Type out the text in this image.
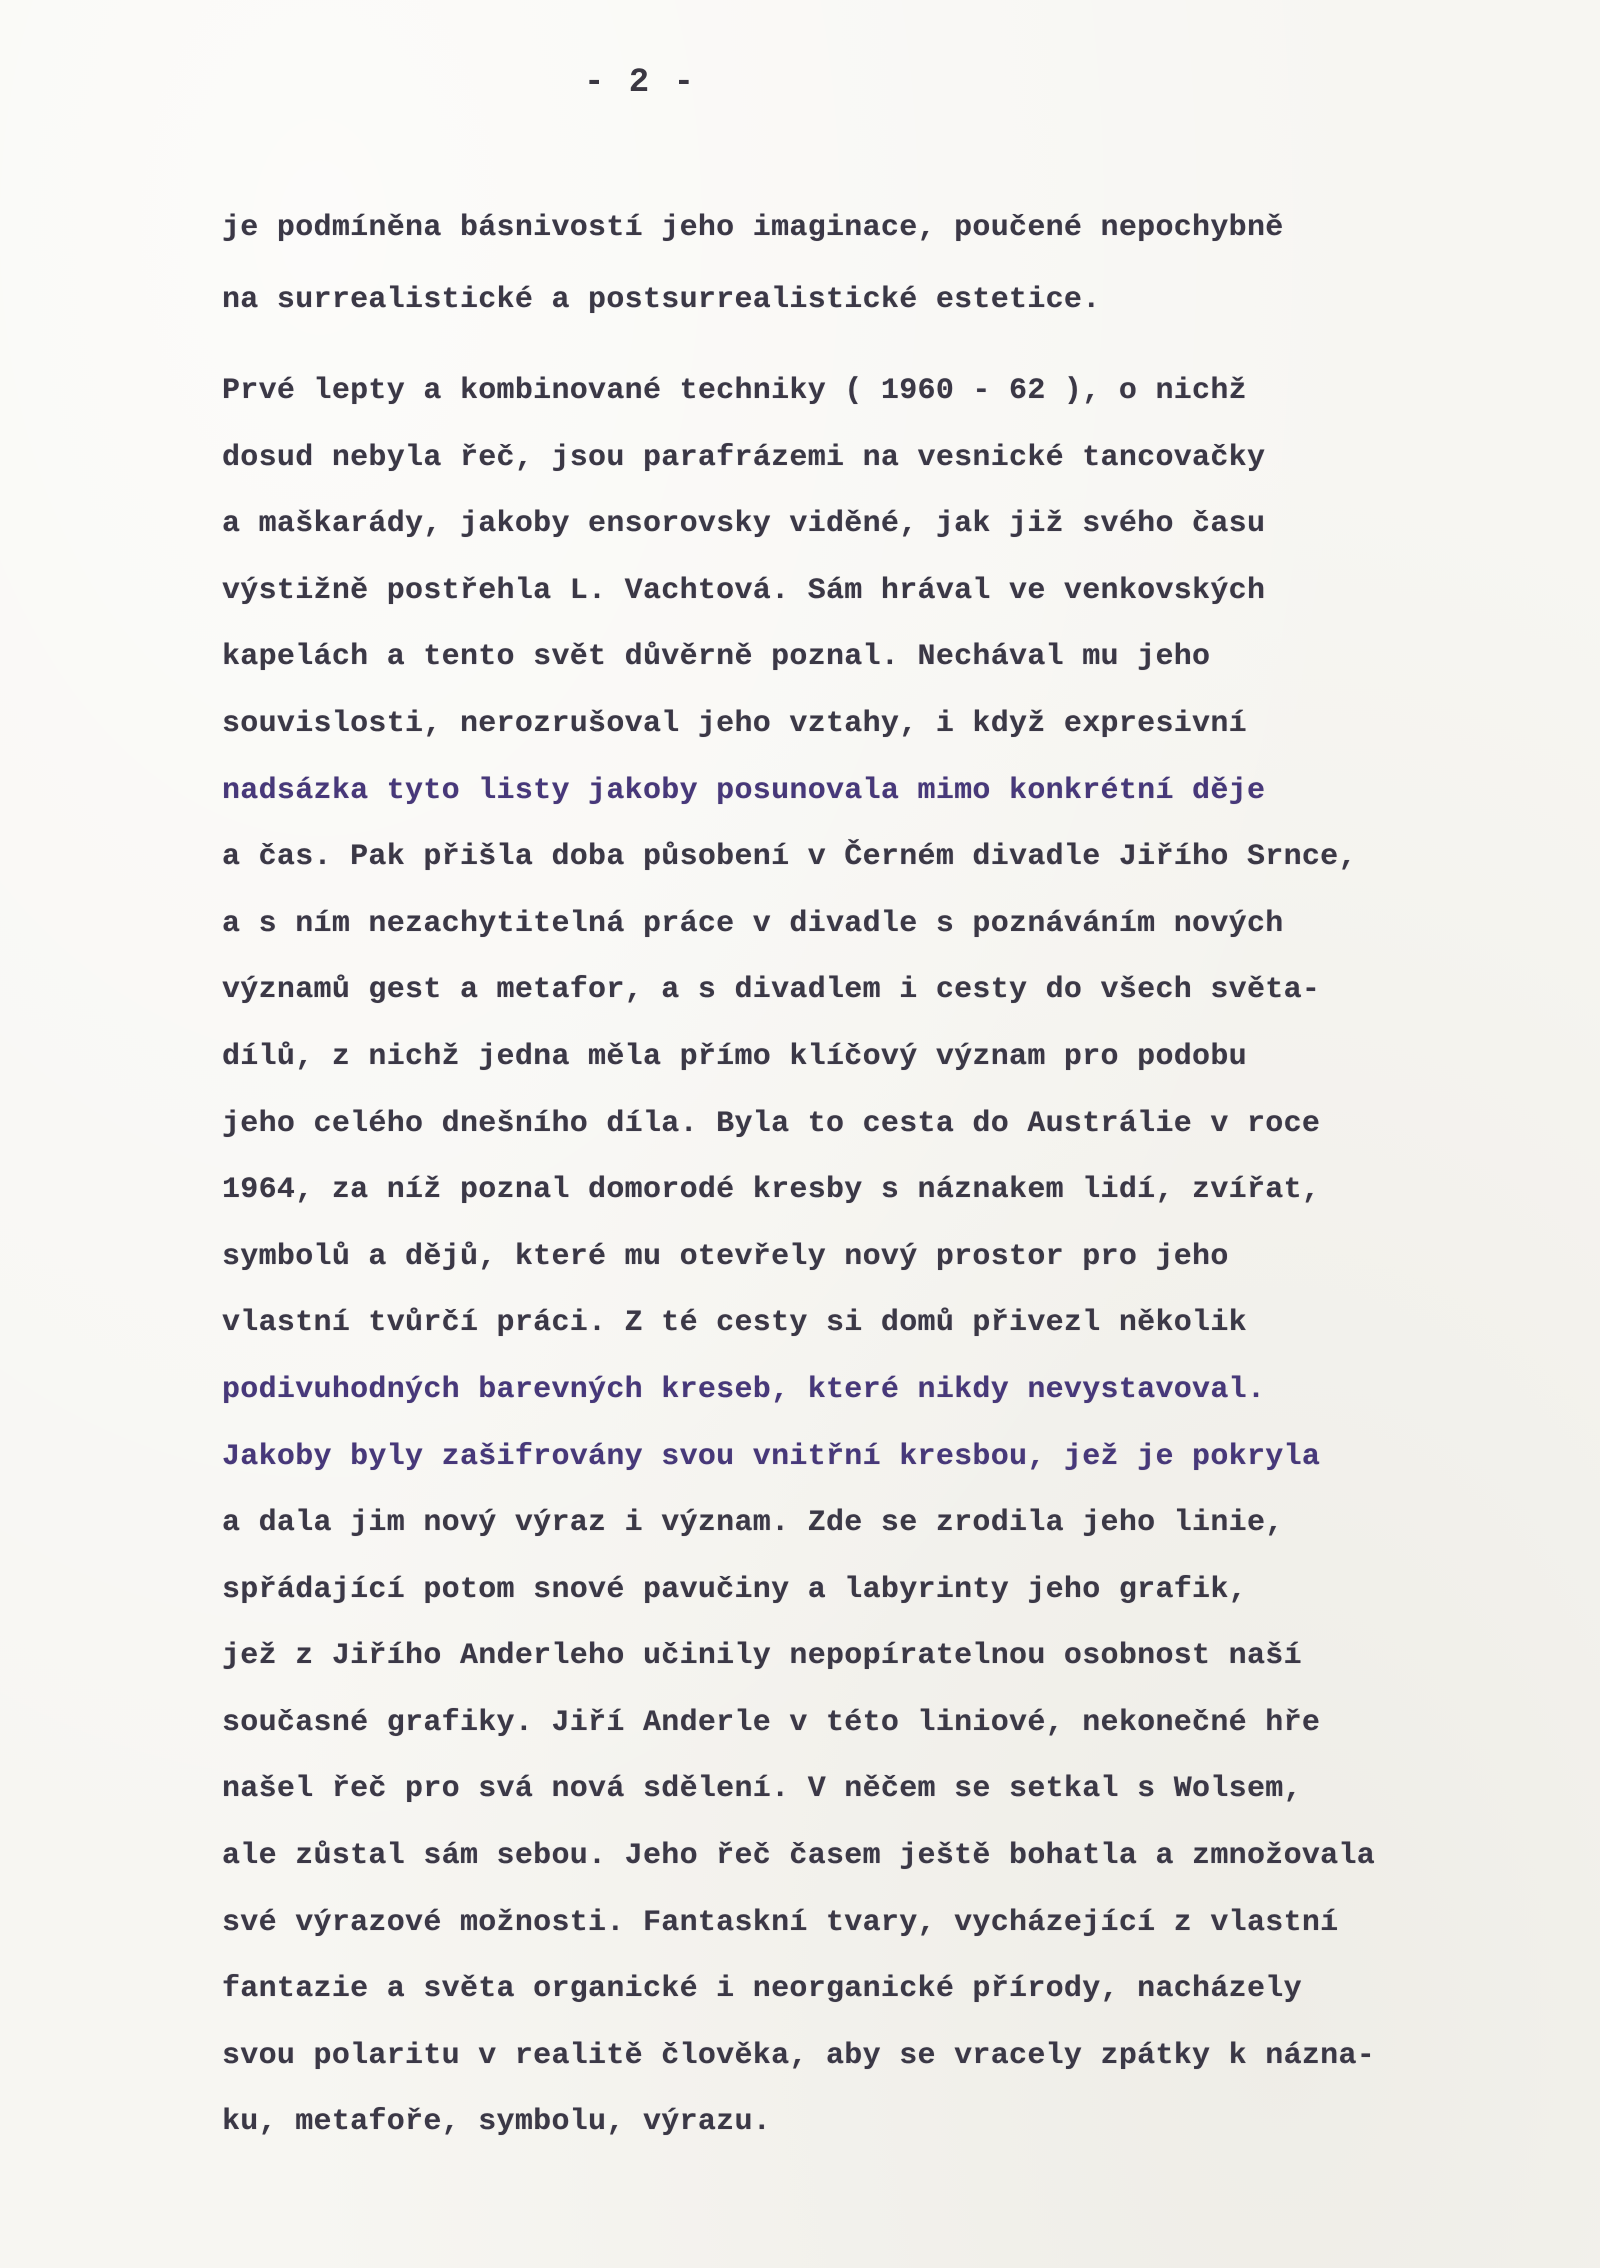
- 2 -
je podmíněna básnivostí jeho imaginace, poučené nepochybně
na surrealistické a postsurrealistické estetice.
Prvé lepty a kombinované techniky ( 1960 - 62 ), o nichž
dosud nebyla řeč, jsou parafrázemi na vesnické tancovačky
a maškarády, jakoby ensorovsky viděné, jak již svého času
výstižně postřehla L. Vachtová. Sám hrával ve venkovských
kapelách a tento svět důvěrně poznal. Nechával mu jeho
souvislosti, nerozrušoval jeho vztahy, i když expresivní
nadsázka tyto listy jakoby posunovala mimo konkrétní děje
a čas. Pak přišla doba působení v Černém divadle Jiřího Srnce,
a s ním nezachytitelná práce v divadle s poznáváním nových
významů gest a metafor, a s divadlem i cesty do všech světa-
dílů, z nichž jedna měla přímo klíčový význam pro podobu
jeho celého dnešního díla. Byla to cesta do Austrálie v roce
1964, za níž poznal domorodé kresby s náznakem lidí, zvířat,
symbolů a dějů, které mu otevřely nový prostor pro jeho
vlastní tvůrčí práci. Z té cesty si domů přivezl několik
podivuhodných barevných kreseb, které nikdy nevystavoval.
Jakoby byly zašifrovány svou vnitřní kresbou, jež je pokryla
a dala jim nový výraz i význam. Zde se zrodila jeho linie,
spřádající potom snové pavučiny a labyrinty jeho grafik,
jež z Jiřího Anderleho učinily nepopíratelnou osobnost naší
současné grafiky. Jiří Anderle v této liniové, nekonečné hře
našel řeč pro svá nová sdělení. V něčem se setkal s Wolsem,
ale zůstal sám sebou. Jeho řeč časem ještě bohatla a zmnožovala
své výrazové možnosti. Fantaskní tvary, vycházející z vlastní
fantazie a světa organické i neorganické přírody, nacházely
svou polaritu v realitě člověka, aby se vracely zpátky k názna-
ku, metafoře, symbolu, výrazu.
